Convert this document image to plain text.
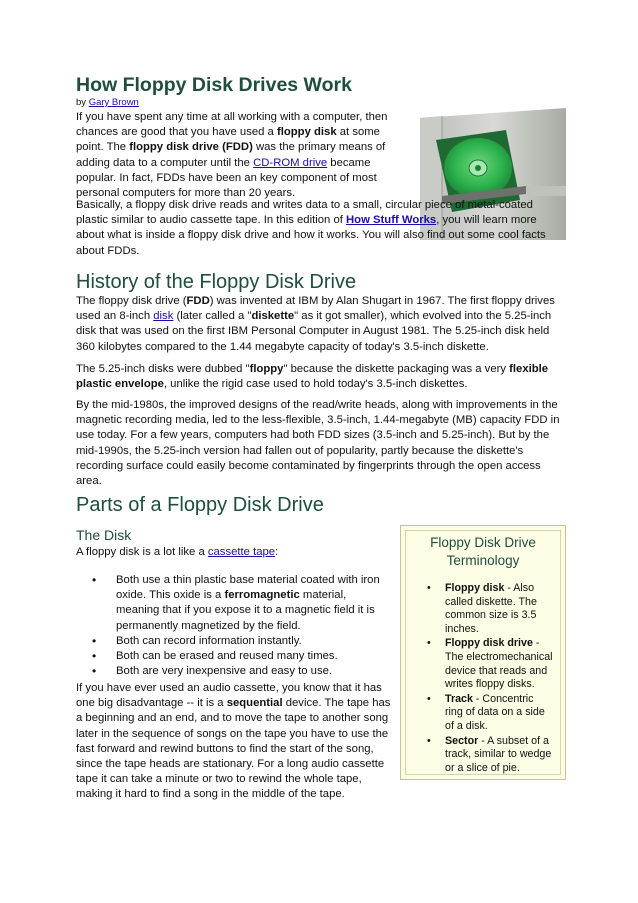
How Floppy Disk Drives Work
by Gary Brown

If you have spent any time at all working with a computer, then chances are good that you have used a floppy disk at some point. The floppy disk drive (FDD) was the primary means of adding data to a computer until the CD-ROM drive became popular. In fact, FDDs have been an key component of most personal computers for more than 20 years.

Basically, a floppy disk drive reads and writes data to a small, circular piece of metal-coated plastic similar to audio cassette tape. In this edition of How Stuff Works, you will learn more about what is inside a floppy disk drive and how it works. You will also find out some cool facts about FDDs.

History of the Floppy Disk Drive

The floppy disk drive (FDD) was invented at IBM by Alan Shugart in 1967. The first floppy drives used an 8-inch disk (later called a "diskette" as it got smaller), which evolved into the 5.25-inch disk that was used on the first IBM Personal Computer in August 1981. The 5.25-inch disk held 360 kilobytes compared to the 1.44 megabyte capacity of today's 3.5-inch diskette.

The 5.25-inch disks were dubbed "floppy" because the diskette packaging was a very flexible plastic envelope, unlike the rigid case used to hold today's 3.5-inch diskettes.

By the mid-1980s, the improved designs of the read/write heads, along with improvements in the magnetic recording media, led to the less-flexible, 3.5-inch, 1.44-megabyte (MB) capacity FDD in use today. For a few years, computers had both FDD sizes (3.5-inch and 5.25-inch). But by the mid-1990s, the 5.25-inch version had fallen out of popularity, partly because the diskette's recording surface could easily become contaminated by fingerprints through the open access area.

Parts of a Floppy Disk Drive
The Disk

A floppy disk is a lot like a cassette tape:

• Both use a thin plastic base material coated with iron oxide. This oxide is a ferromagnetic material, meaning that if you expose it to a magnetic field it is permanently magnetized by the field.
• Both can record information instantly.
• Both can be erased and reused many times.
• Both are very inexpensive and easy to use.

If you have ever used an audio cassette, you know that it has one big disadvantage -- it is a sequential device. The tape has a beginning and an end, and to move the tape to another song later in the sequence of songs on the tape you have to use the fast forward and rewind buttons to find the start of the song, since the tape heads are stationary. For a long audio cassette tape it can take a minute or two to rewind the whole tape, making it hard to find a song in the middle of the tape.

Floppy Disk Drive Terminology
• Floppy disk - Also called diskette. The common size is 3.5 inches.
• Floppy disk drive - The electromechanical device that reads and writes floppy disks.
• Track - Concentric ring of data on a side of a disk.
• Sector - A subset of a track, similar to wedge or a slice of pie.
